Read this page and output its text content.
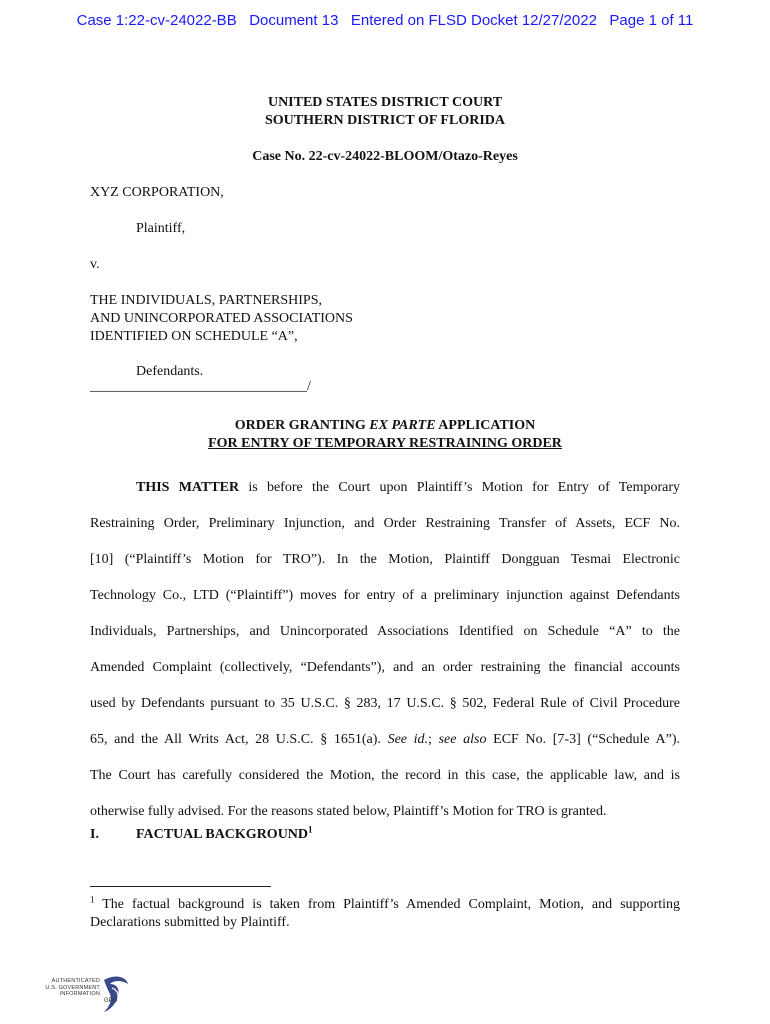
Case 1:22-cv-24022-BB   Document 13   Entered on FLSD Docket 12/27/2022   Page 1 of 11
UNITED STATES DISTRICT COURT
SOUTHERN DISTRICT OF FLORIDA
Case No. 22-cv-24022-BLOOM/Otazo-Reyes
XYZ CORPORATION,
Plaintiff,
v.
THE INDIVIDUALS, PARTNERSHIPS,
AND UNINCORPORATED ASSOCIATIONS
IDENTIFIED ON SCHEDULE “A”,
Defendants.
_______________________________/
ORDER GRANTING EX PARTE APPLICATION
FOR ENTRY OF TEMPORARY RESTRAINING ORDER
THIS MATTER is before the Court upon Plaintiff’s Motion for Entry of Temporary
Restraining Order, Preliminary Injunction, and Order Restraining Transfer of Assets, ECF No.
[10] (“Plaintiff’s Motion for TRO”). In the Motion, Plaintiff Dongguan Tesmai Electronic
Technology Co., LTD (“Plaintiff”) moves for entry of a preliminary injunction against Defendants
Individuals, Partnerships, and Unincorporated Associations Identified on Schedule “A” to the
Amended Complaint (collectively, “Defendants”), and an order restraining the financial accounts
used by Defendants pursuant to 35 U.S.C. § 283, 17 U.S.C. § 502, Federal Rule of Civil Procedure
65, and the All Writs Act, 28 U.S.C. § 1651(a). See id.; see also ECF No. [7-3] (“Schedule A”).
The Court has carefully considered the Motion, the record in this case, the applicable law, and is
otherwise fully advised. For the reasons stated below, Plaintiff’s Motion for TRO is granted.
I.	FACTUAL BACKGROUND$^1$
$^1$ The factual background is taken from Plaintiff’s Amended Complaint, Motion, and supporting Declarations submitted by Plaintiff.
AUTHENTICATED
U.S. GOVERNMENT
INFORMATION
GPO
